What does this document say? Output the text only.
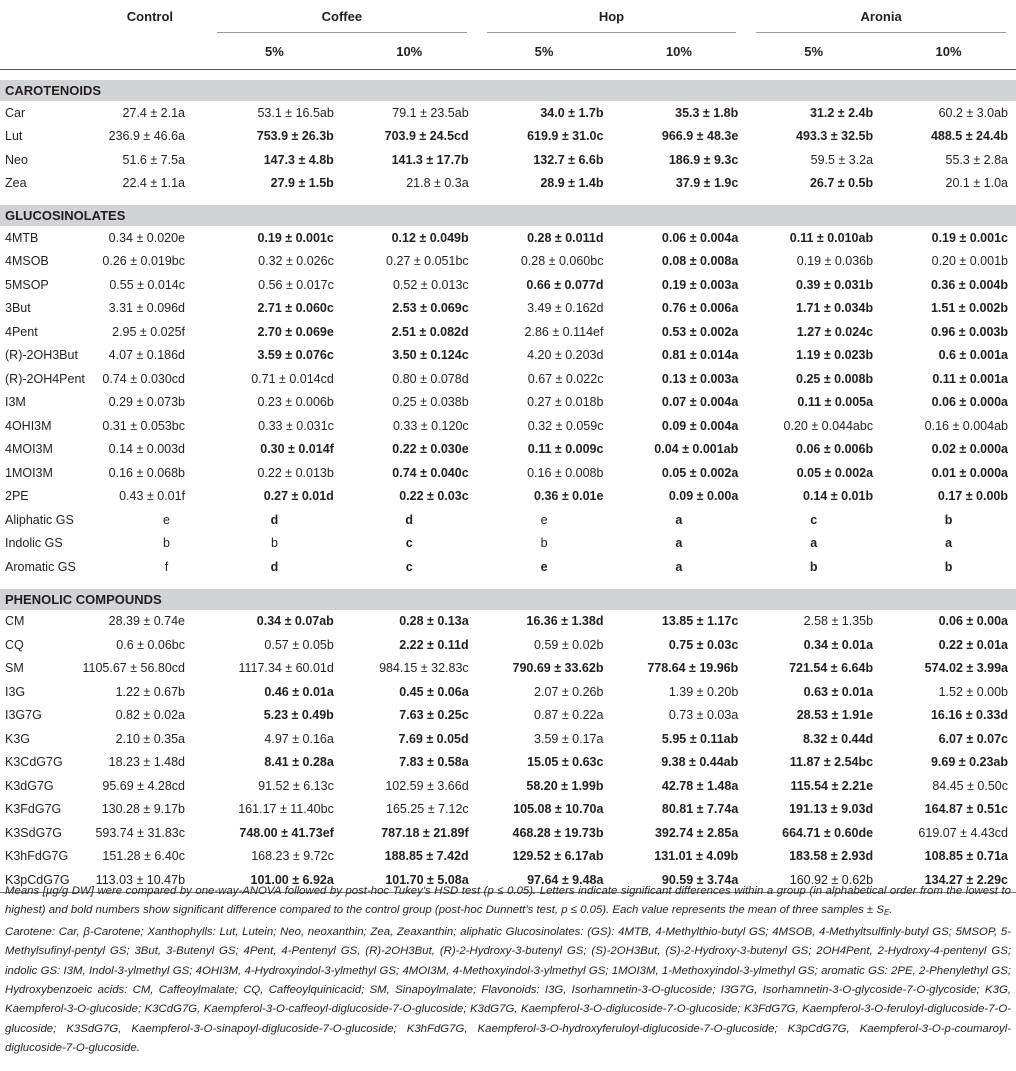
	Control	Coffee		Hop		Aronia	
		5%	10%	5%	10%	5%	10%

CAROTENOIDS							
Car	27.4 ± 2.1a	53.1 ± 16.5ab	79.1 ± 23.5ab	34.0 ± 1.7b	35.3 ± 1.8b	31.2 ± 2.4b	60.2 ± 3.0ab
Lut	236.9 ± 46.6a	753.9 ± 26.3b	703.9 ± 24.5cd	619.9 ± 31.0c	966.9 ± 48.3e	493.3 ± 32.5b	488.5 ± 24.4b
Neo	51.6 ± 7.5a	147.3 ± 4.8b	141.3 ± 17.7b	132.7 ± 6.6b	186.9 ± 9.3c	59.5 ± 3.2a	55.3 ± 2.8a
Zea	22.4 ± 1.1a	27.9 ± 1.5b	21.8 ± 0.3a	28.9 ± 1.4b	37.9 ± 1.9c	26.7 ± 0.5b	20.1 ± 1.0a

GLUCOSINOLATES							
4MTB	0.34 ± 0.020e	0.19 ± 0.001c	0.12 ± 0.049b	0.28 ± 0.011d	0.06 ± 0.004a	0.11 ± 0.010ab	0.19 ± 0.001c
4MSOB	0.26 ± 0.019bc	0.32 ± 0.026c	0.27 ± 0.051bc	0.28 ± 0.060bc	0.08 ± 0.008a	0.19 ± 0.036b	0.20 ± 0.001b
5MSOP	0.55 ± 0.014c	0.56 ± 0.017c	0.52 ± 0.013c	0.66 ± 0.077d	0.19 ± 0.003a	0.39 ± 0.031b	0.36 ± 0.004b
3But	3.31 ± 0.096d	2.71 ± 0.060c	2.53 ± 0.069c	3.49 ± 0.162d	0.76 ± 0.006a	1.71 ± 0.034b	1.51 ± 0.002b
4Pent	2.95 ± 0.025f	2.70 ± 0.069e	2.51 ± 0.082d	2.86 ± 0.114ef	0.53 ± 0.002a	1.27 ± 0.024c	0.96 ± 0.003b
(R)-2OH3But	4.07 ± 0.186d	3.59 ± 0.076c	3.50 ± 0.124c	4.20 ± 0.203d	0.81 ± 0.014a	1.19 ± 0.023b	0.6 ± 0.001a
(R)-2OH4Pent	0.74 ± 0.030cd	0.71 ± 0.014cd	0.80 ± 0.078d	0.67 ± 0.022c	0.13 ± 0.003a	0.25 ± 0.008b	0.11 ± 0.001a
I3M	0.29 ± 0.073b	0.23 ± 0.006b	0.25 ± 0.038b	0.27 ± 0.018b	0.07 ± 0.004a	0.11 ± 0.005a	0.06 ± 0.000a
4OHI3M	0.31 ± 0.053bc	0.33 ± 0.031c	0.33 ± 0.120c	0.32 ± 0.059c	0.09 ± 0.004a	0.20 ± 0.044abc	0.16 ± 0.004ab
4MOI3M	0.14 ± 0.003d	0.30 ± 0.014f	0.22 ± 0.030e	0.11 ± 0.009c	0.04 ± 0.001ab	0.06 ± 0.006b	0.02 ± 0.000a
1MOI3M	0.16 ± 0.068b	0.22 ± 0.013b	0.74 ± 0.040c	0.16 ± 0.008b	0.05 ± 0.002a	0.05 ± 0.002a	0.01 ± 0.000a
2PE	0.43 ± 0.01f	0.27 ± 0.01d	0.22 ± 0.03c	0.36 ± 0.01e	0.09 ± 0.00a	0.14 ± 0.01b	0.17 ± 0.00b
Aliphatic GS	e	d	d	e	a	c	b
Indolic GS	b	b	c	b	a	a	a
Aromatic GS	f	d	c	e	a	b	b

PHENOLIC COMPOUNDS							
CM	28.39 ± 0.74e	0.34 ± 0.07ab	0.28 ± 0.13a	16.36 ± 1.38d	13.85 ± 1.17c	2.58 ± 1.35b	0.06 ± 0.00a
CQ	0.6 ± 0.06bc	0.57 ± 0.05b	2.22 ± 0.11d	0.59 ± 0.02b	0.75 ± 0.03c	0.34 ± 0.01a	0.22 ± 0.01a
SM	1105.67 ± 56.80cd	1117.34 ± 60.01d	984.15 ± 32.83c	790.69 ± 33.62b	778.64 ± 19.96b	721.54 ± 6.64b	574.02 ± 3.99a
I3G	1.22 ± 0.67b	0.46 ± 0.01a	0.45 ± 0.06a	2.07 ± 0.26b	1.39 ± 0.20b	0.63 ± 0.01a	1.52 ± 0.00b
I3G7G	0.82 ± 0.02a	5.23 ± 0.49b	7.63 ± 0.25c	0.87 ± 0.22a	0.73 ± 0.03a	28.53 ± 1.91e	16.16 ± 0.33d
K3G	2.10 ± 0.35a	4.97 ± 0.16a	7.69 ± 0.05d	3.59 ± 0.17a	5.95 ± 0.11ab	8.32 ± 0.44d	6.07 ± 0.07c
K3CdG7G	18.23 ± 1.48d	8.41 ± 0.28a	7.83 ± 0.58a	15.05 ± 0.63c	9.38 ± 0.44ab	11.87 ± 2.54bc	9.69 ± 0.23ab
K3dG7G	95.69 ± 4.28cd	91.52 ± 6.13c	102.59 ± 3.66d	58.20 ± 1.99b	42.78 ± 1.48a	115.54 ± 2.21e	84.45 ± 0.50c
K3FdG7G	130.28 ± 9.17b	161.17 ± 11.40bc	165.25 ± 7.12c	105.08 ± 10.70a	80.81 ± 7.74a	191.13 ± 9.03d	164.87 ± 0.51c
K3SdG7G	593.74 ± 31.83c	748.00 ± 41.73ef	787.18 ± 21.89f	468.28 ± 19.73b	392.74 ± 2.85a	664.71 ± 0.60de	619.07 ± 4.43cd
K3hFdG7G	151.28 ± 6.40c	168.23 ± 9.72c	188.85 ± 7.42d	129.52 ± 6.17ab	131.01 ± 4.09b	183.58 ± 2.93d	108.85 ± 0.71a
K3pCdG7G	113.03 ± 10.47b	101.00 ± 6.92a	101.70 ± 5.08a	97.64 ± 9.48a	90.59 ± 3.74a	160.92 ± 0.62b	134.27 ± 2.29c

Means [µg/g DW] were compared by one-way-ANOVA followed by post-hoc Tukey's HSD test (p ≤ 0.05). Letters indicate significant differences within a group (in alphabetical order from the lowest to highest) and bold numbers show significant difference compared to the control group (post-hoc Dunnett's test, p ≤ 0.05). Each value represents the mean of three samples ± SE.

Carotene: Car, β-Carotene; Xanthophylls: Lut, Lutein; Neo, neoxanthin; Zea, Zeaxanthin; aliphatic Glucosinolates: (GS): 4MTB, 4-Methylthio-butyl GS; 4MSOB, 4-Methyltsulfinly-butyl GS; 5MSOP, 5-Methylsufinyl-pentyl GS; 3But, 3-Butenyl GS; 4Pent, 4-Pentenyl GS, (R)-2OH3But, (R)-2-Hydroxy-3-butenyl GS; (S)-2OH3But, (S)-2-Hydroxy-3-butenyl GS; 2OH4Pent, 2-Hydroxy-4-pentenyl GS; indolic GS: I3M, Indol-3-ylmethyl GS; 4OHI3M, 4-Hydroxyindol-3-ylmethyl GS; 4MOI3M, 4-Methoxyindol-3-ylmethyl GS; 1MOI3M, 1-Methoxyindol-3-ylmethyl GS; aromatic GS: 2PE, 2-Phenylethyl GS; Hydroxybenzoeic acids: CM, Caffeoylmalate; CQ, Caffeoylquinicacid; SM, Sinapoylmalate; Flavonoids: I3G, Isorhamnetin-3-O-glucoside; I3G7G, Isorhamnetin-3-O-glycoside-7-O-glycoside; K3G, Kaempferol-3-O-glucoside; K3CdG7G, Kaempferol-3-O-caffeoyl-diglucoside-7-O-glucoside; K3dG7G, Kaempferol-3-O-diglucoside-7-O-glucoside; K3FdG7G, Kaempferol-3-O-feruloyl-diglucoside-7-O-glucoside; K3SdG7G, Kaempferol-3-O-sinapoyl-diglucoside-7-O-glucoside; K3hFdG7G, Kaempferol-3-O-hydroxyferuloyl-diglucoside-7-O-glucoside; K3pCdG7G, Kaempferol-3-O-p-coumaroyl-diglucoside-7-O-glucoside.
